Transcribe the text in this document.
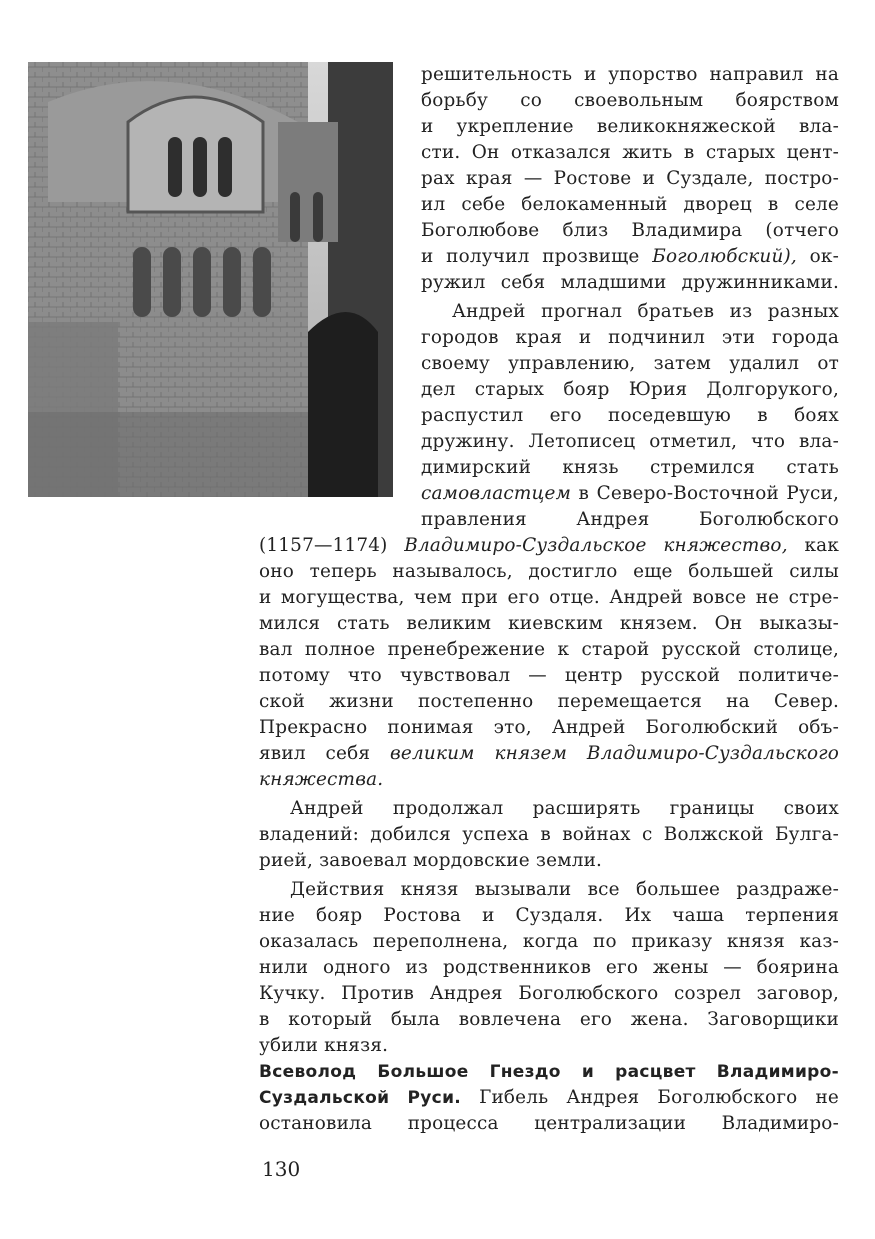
решительность и упорство направил на
борьбу со своевольным боярством
и укрепление великокняжеской вла-
сти. Он отказался жить в старых цент-
рах края — Ростове и Суздале, постро-
ил себе белокаменный дворец в селе
Боголюбове близ Владимира (отчего
и получил прозвище Боголюбский), ок-
ружил себя младшими дружинниками.
Андрей прогнал братьев из разных
городов края и подчинил эти города
своему управлению, затем удалил от
дел старых бояр Юрия Долгорукого,
распустил его поседевшую в боях
дружину. Летописец отметил, что вла-
димирский князь стремился стать
самовластцем в Северо-Восточной Руси,
правления Андрея Боголюбского
(1157—1174) Владимиро-Суздальское княжество, как
оно теперь называлось, достигло еще большей силы
и могущества, чем при его отце. Андрей вовсе не стре-
мился стать великим киевским князем. Он выказы-
вал полное пренебрежение к старой русской столице,
потому что чувствовал — центр русской политиче-
ской жизни постепенно перемещается на Север.
Прекрасно понимая это, Андрей Боголюбский объ-
явил себя великим князем Владимиро-Суздальского
княжества.
Андрей продолжал расширять границы своих
владений: добился успеха в войнах с Волжской Булга-
рией, завоевал мордовские земли.
Действия князя вызывали все большее раздраже-
ние бояр Ростова и Суздаля. Их чаша терпения
оказалась переполнена, когда по приказу князя каз-
нили одного из родственников его жены — боярина
Кучку. Против Андрея Боголюбского созрел заговор,
в который была вовлечена его жена. Заговорщики
убили князя.
Всеволод Большое Гнездо и расцвет Владимиро-
Суздальской Руси. Гибель Андрея Боголюбского не
остановила процесса централизации Владимиро-
130
